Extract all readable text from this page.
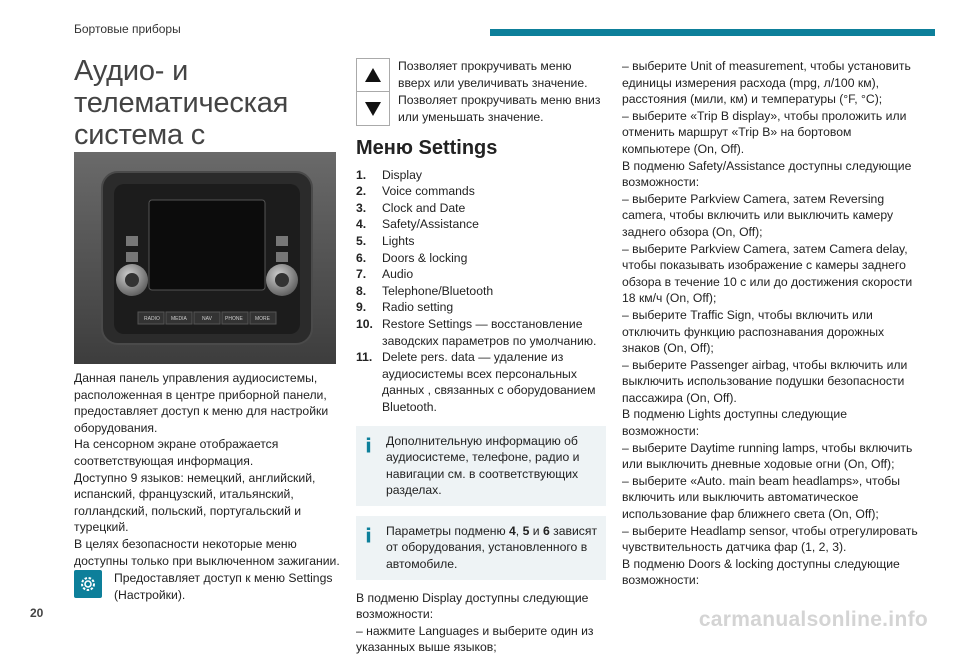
Бортовые приборы
Аудио- и телематическая
система с
RADIO MEDIA	NAV	PHONE MORE

Данная панель управления аудиосистемы, расположенная в центре приборной панели, предоставляет доступ к меню для настройки оборудования.

На сенсорном экране отображается соответствующая информация.

Доступно 9 языков: немецкий, английский, испанский, французский, итальянский, голландский, польский, португальский и турецкий.

В целях безопасности некоторые меню доступны только при выключенном зажигании.

Предоставляет доступ к меню Settings (Настройки).

Позволяет прокручивать меню вверх или увеличивать значение.

Позволяет прокручивать меню вниз или уменьшать значение.

Меню Settings
1.	Display
2.	Voice commands
3.	Clock and Date
4.	Safety/Assistance
5.	Lights
6.	Doors & locking
7.	Audio
8.	Telephone/Bluetooth
9.	Radio setting
10. Restore Settings — восстановление заводских параметров по умолчанию.
11. Delete pers. data — удаление из аудиосистемы всех персональных данных , связанных с оборудованием Bluetooth.

Дополнительную информацию об аудиосистеме, телефоне, радио и навигации см. в соответствующих разделах.

Параметры подменю 4, 5 и 6 зависят от оборудования, установленного в автомобиле.

В подменю Display доступны следующие возможности:

– нажмите Languages и выберите один из указанных выше языков;

– выберите Unit of measurement, чтобы установить единицы измерения расхода (mpg, л/100 км), расстояния (мили, км) и температуры (°F, °C);

– выберите «Trip B display», чтобы проложить или отменить маршрут «Trip B» на бортовом компьютере (On, Off).

В подменю Safety/Assistance доступны следующие возможности:

– выберите Parkview Camera, затем Reversing camera, чтобы включить или выключить камеру заднего обзора (On, Off);

– выберите Parkview Camera, затем Camera delay, чтобы показывать изображение с камеры заднего обзора в течение 10 с или до достижения скорости 18 км/ч (On, Off);

– выберите Traffic Sign, чтобы включить или отключить функцию распознавания дорожных знаков (On, Off);

– выберите Passenger airbag, чтобы включить или выключить использование подушки безопасности пассажира (On, Off).

В подменю Lights доступны следующие возможности:

– выберите Daytime running lamps, чтобы включить или выключить дневные ходовые огни (On, Off);

– выберите «Auto. main beam headlamps», чтобы включить или выключить автоматическое использование фар ближнего света (On, Off);

– выберите Headlamp sensor, чтобы отрегулировать чувствительность датчика фар (1, 2, 3).

В подменю Doors & locking доступны следующие возможности:

20	carmanualsonline.info
